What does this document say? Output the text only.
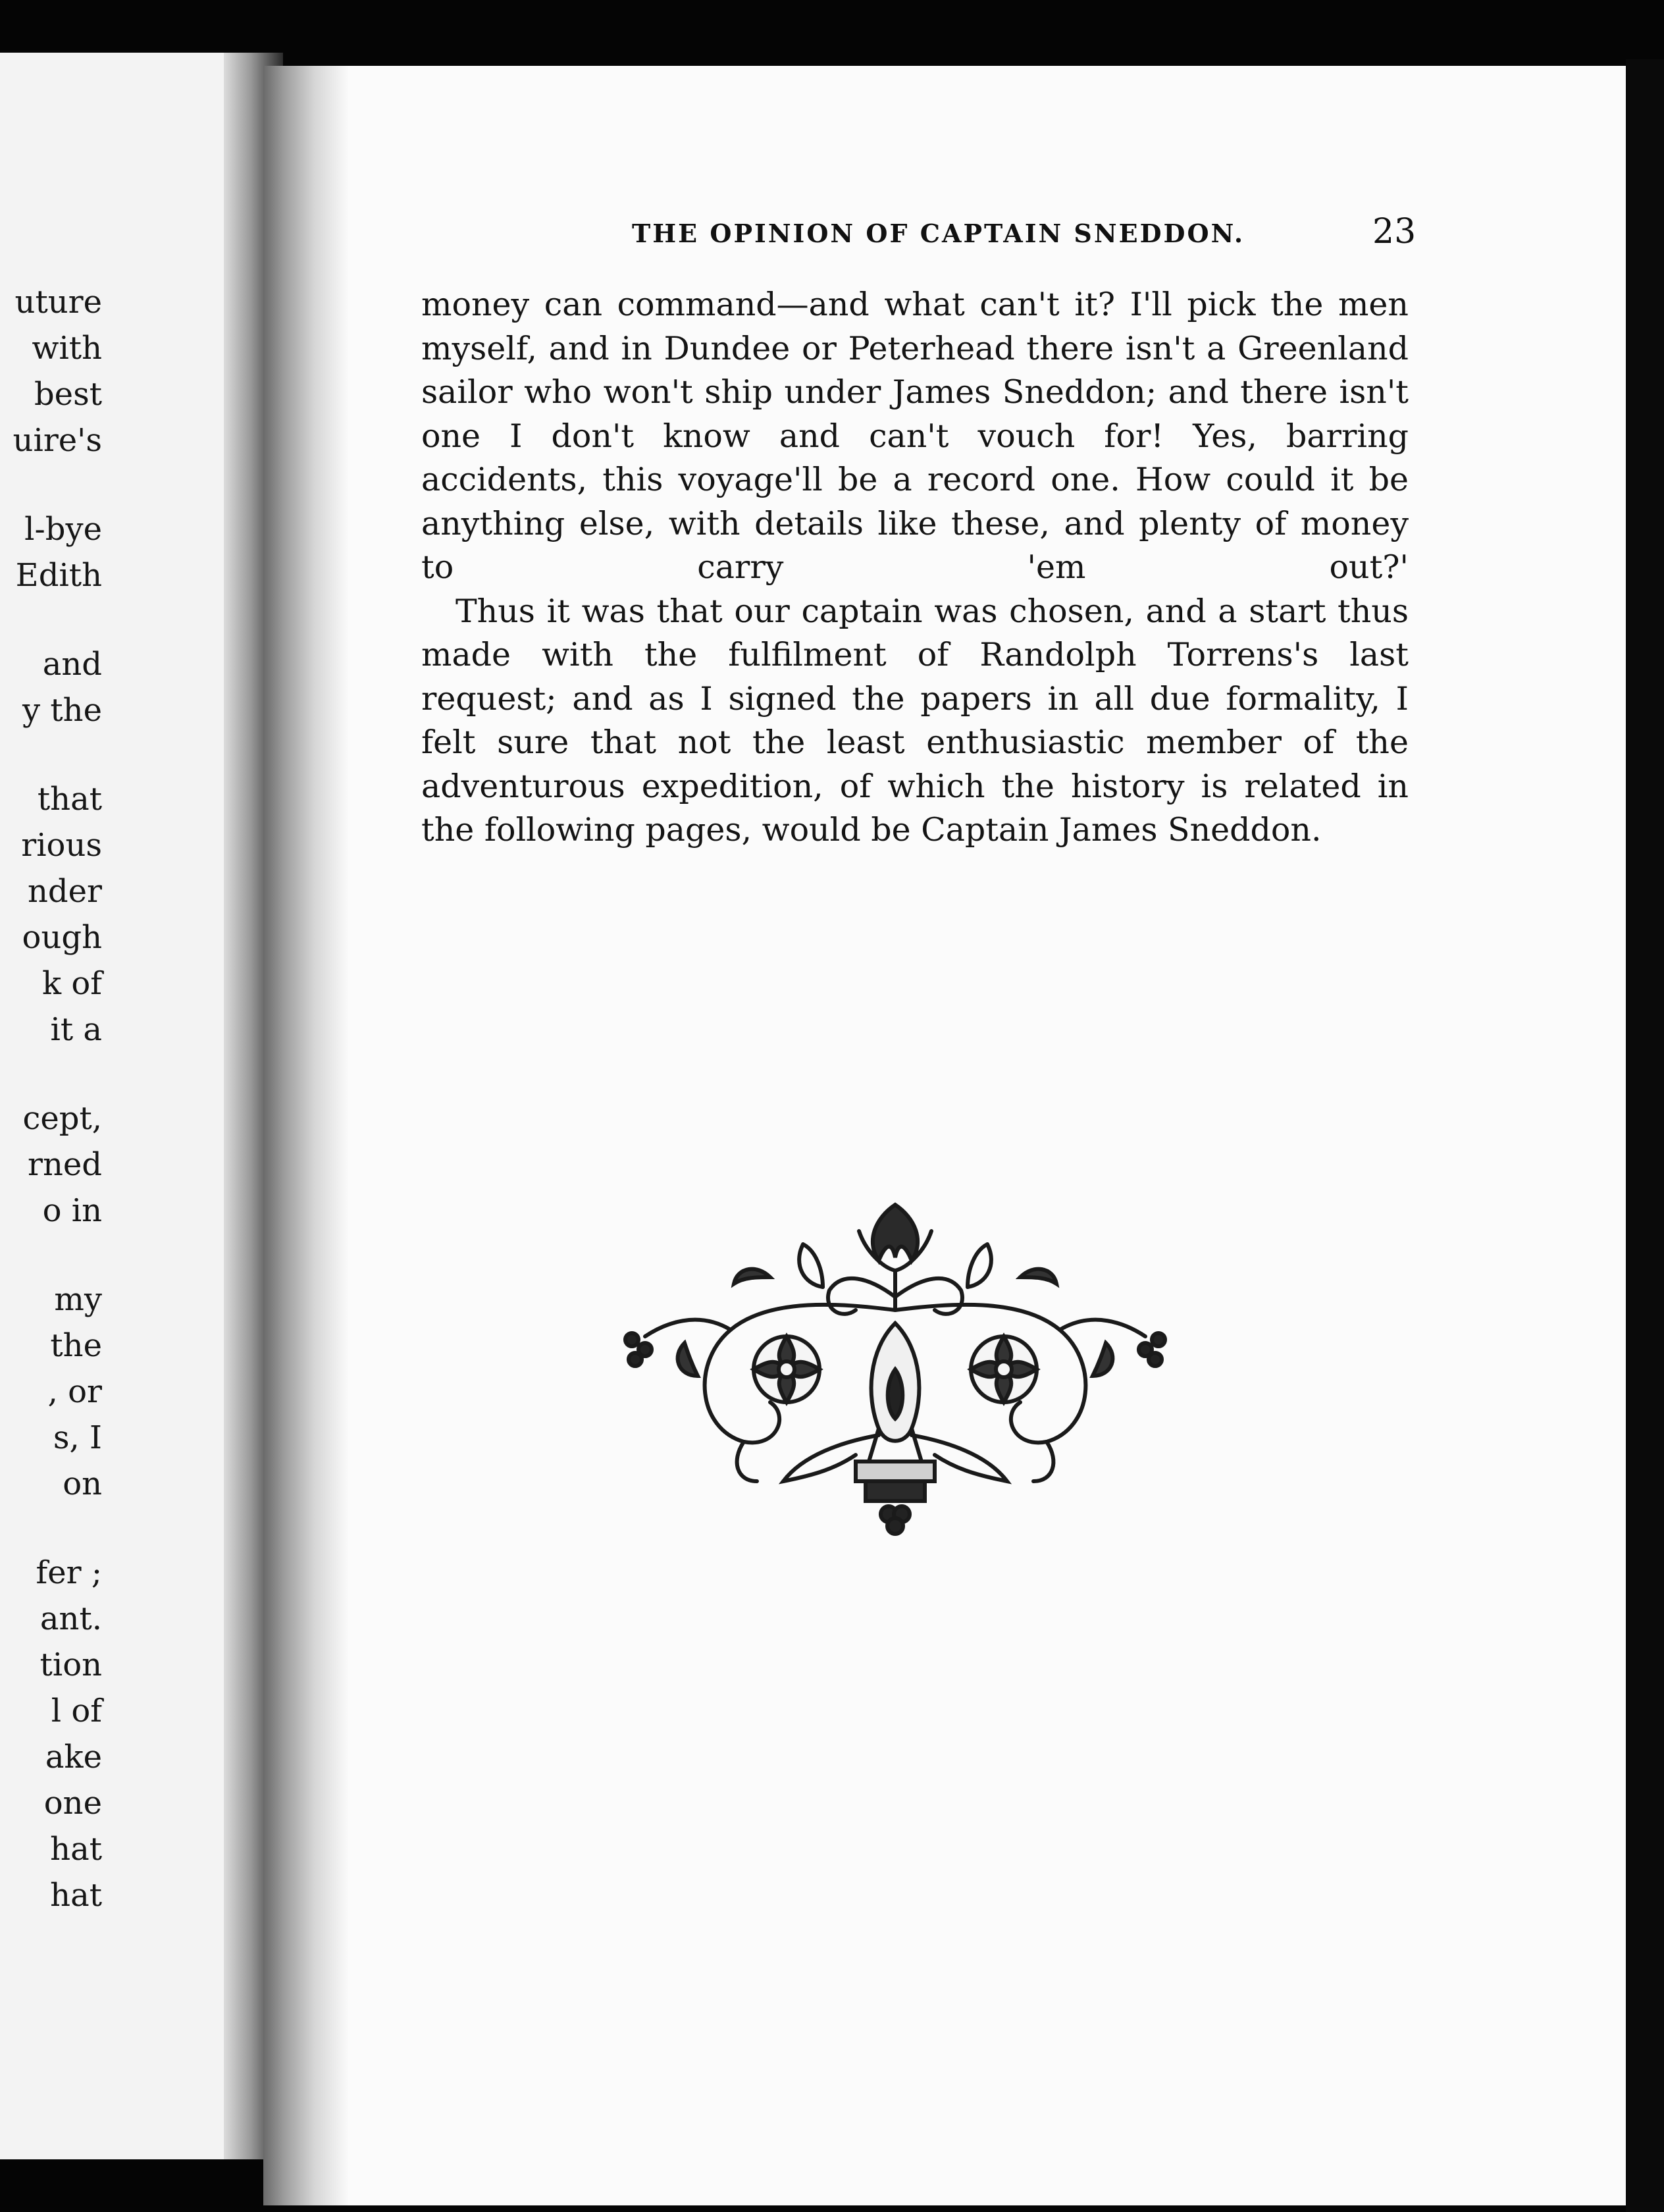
uture
with
best
uire's
l-bye
Edith
and
y the
that
rious
nder
ough
k of
it a
cept,
rned
o in
my
the
, or
s, I
on
fer ;
ant.
tion
l of
ake
one
hat
hat
THE OPINION OF CAPTAIN SNEDDON.	23

money can command—and what can't it? I'll pick the men myself, and in Dundee or Peterhead there isn't a Greenland sailor who won't ship under James Sneddon; and there isn't one I don't know and can't vouch for! Yes, barring accidents, this voyage'll be a record one. How could it be anything else, with details like these, and plenty of money to carry 'em out?'

Thus it was that our captain was chosen, and a start thus made with the fulfilment of Randolph Torrens's last request; and as I signed the papers in all due formality, I felt sure that not the least enthusiastic member of the adventurous expedition, of which the history is related in the following pages, would be Captain James Sneddon.
